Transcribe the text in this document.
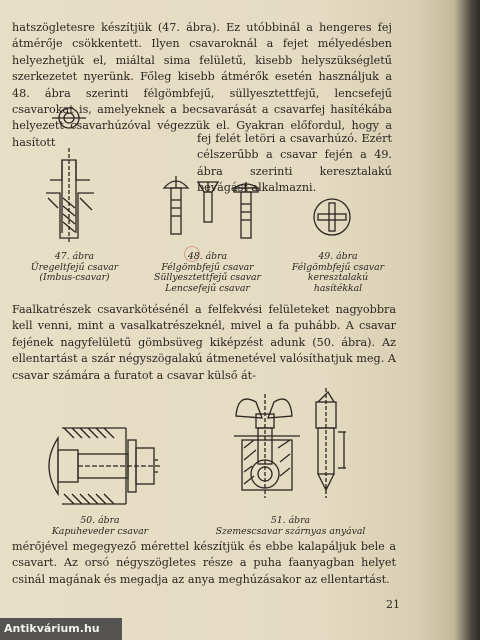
hatszögletesre készítjük (47. ábra). Ez utóbbinál a hengeres fej átmérője csökkentett. Ilyen csavaroknál a fejet mélyedésben helyezhetjük el, miáltal sima felületű, kisebb helyszükségletű szerkezetet nyerünk. Főleg kisebb átmérők esetén használjuk a 48. ábra szerinti félgömbfejű, süllyesztettfejű, lencsefejű csavarokat is, amelyeknek a becsavarását a csavarfej hasítékába helyezett csavarhúzóval végezzük el. Gyakran előfordul, hogy a hasított

47. ábra
Üregeltfejű csavar
(Imbus-csavar)
48. ábra
Félgömbfejű csavar
Süllyesztettfejű csavar
Lencsefejű csavar
49. ábra
Félgömbfejű csavar
keresztalakú hasítékkal

fej felét letöri a csavarhúzó. Ezért célszerűbb a csavar fején a 49. ábra szerinti keresztalakú bevágást alkalmazni.

Faalkatrészek csavarkötésénél a felfekvési felületeket nagyobbra kell venni, mint a vasalkatrészeknél, mivel a fa puhább. A csavar fejének nagyfelületű gömbsüveg kiképzést adunk (50. ábra). Az ellentartást a szár négyszögalakú átmenetével valósíthatjuk meg. A csavar számára a furatot a csavar külső át-

50. ábra
Kapuheveder csavar
51. ábra
Szemescsavar szárnyas anyával

mérőjével megegyező mérettel készítjük és ebbe kalapáljuk bele a csavart. Az orsó négyszögletes része a puha faanyagban helyet csinál magának és megadja az anya meghúzásakor az ellentartást.

21
Antikvárium.hu
